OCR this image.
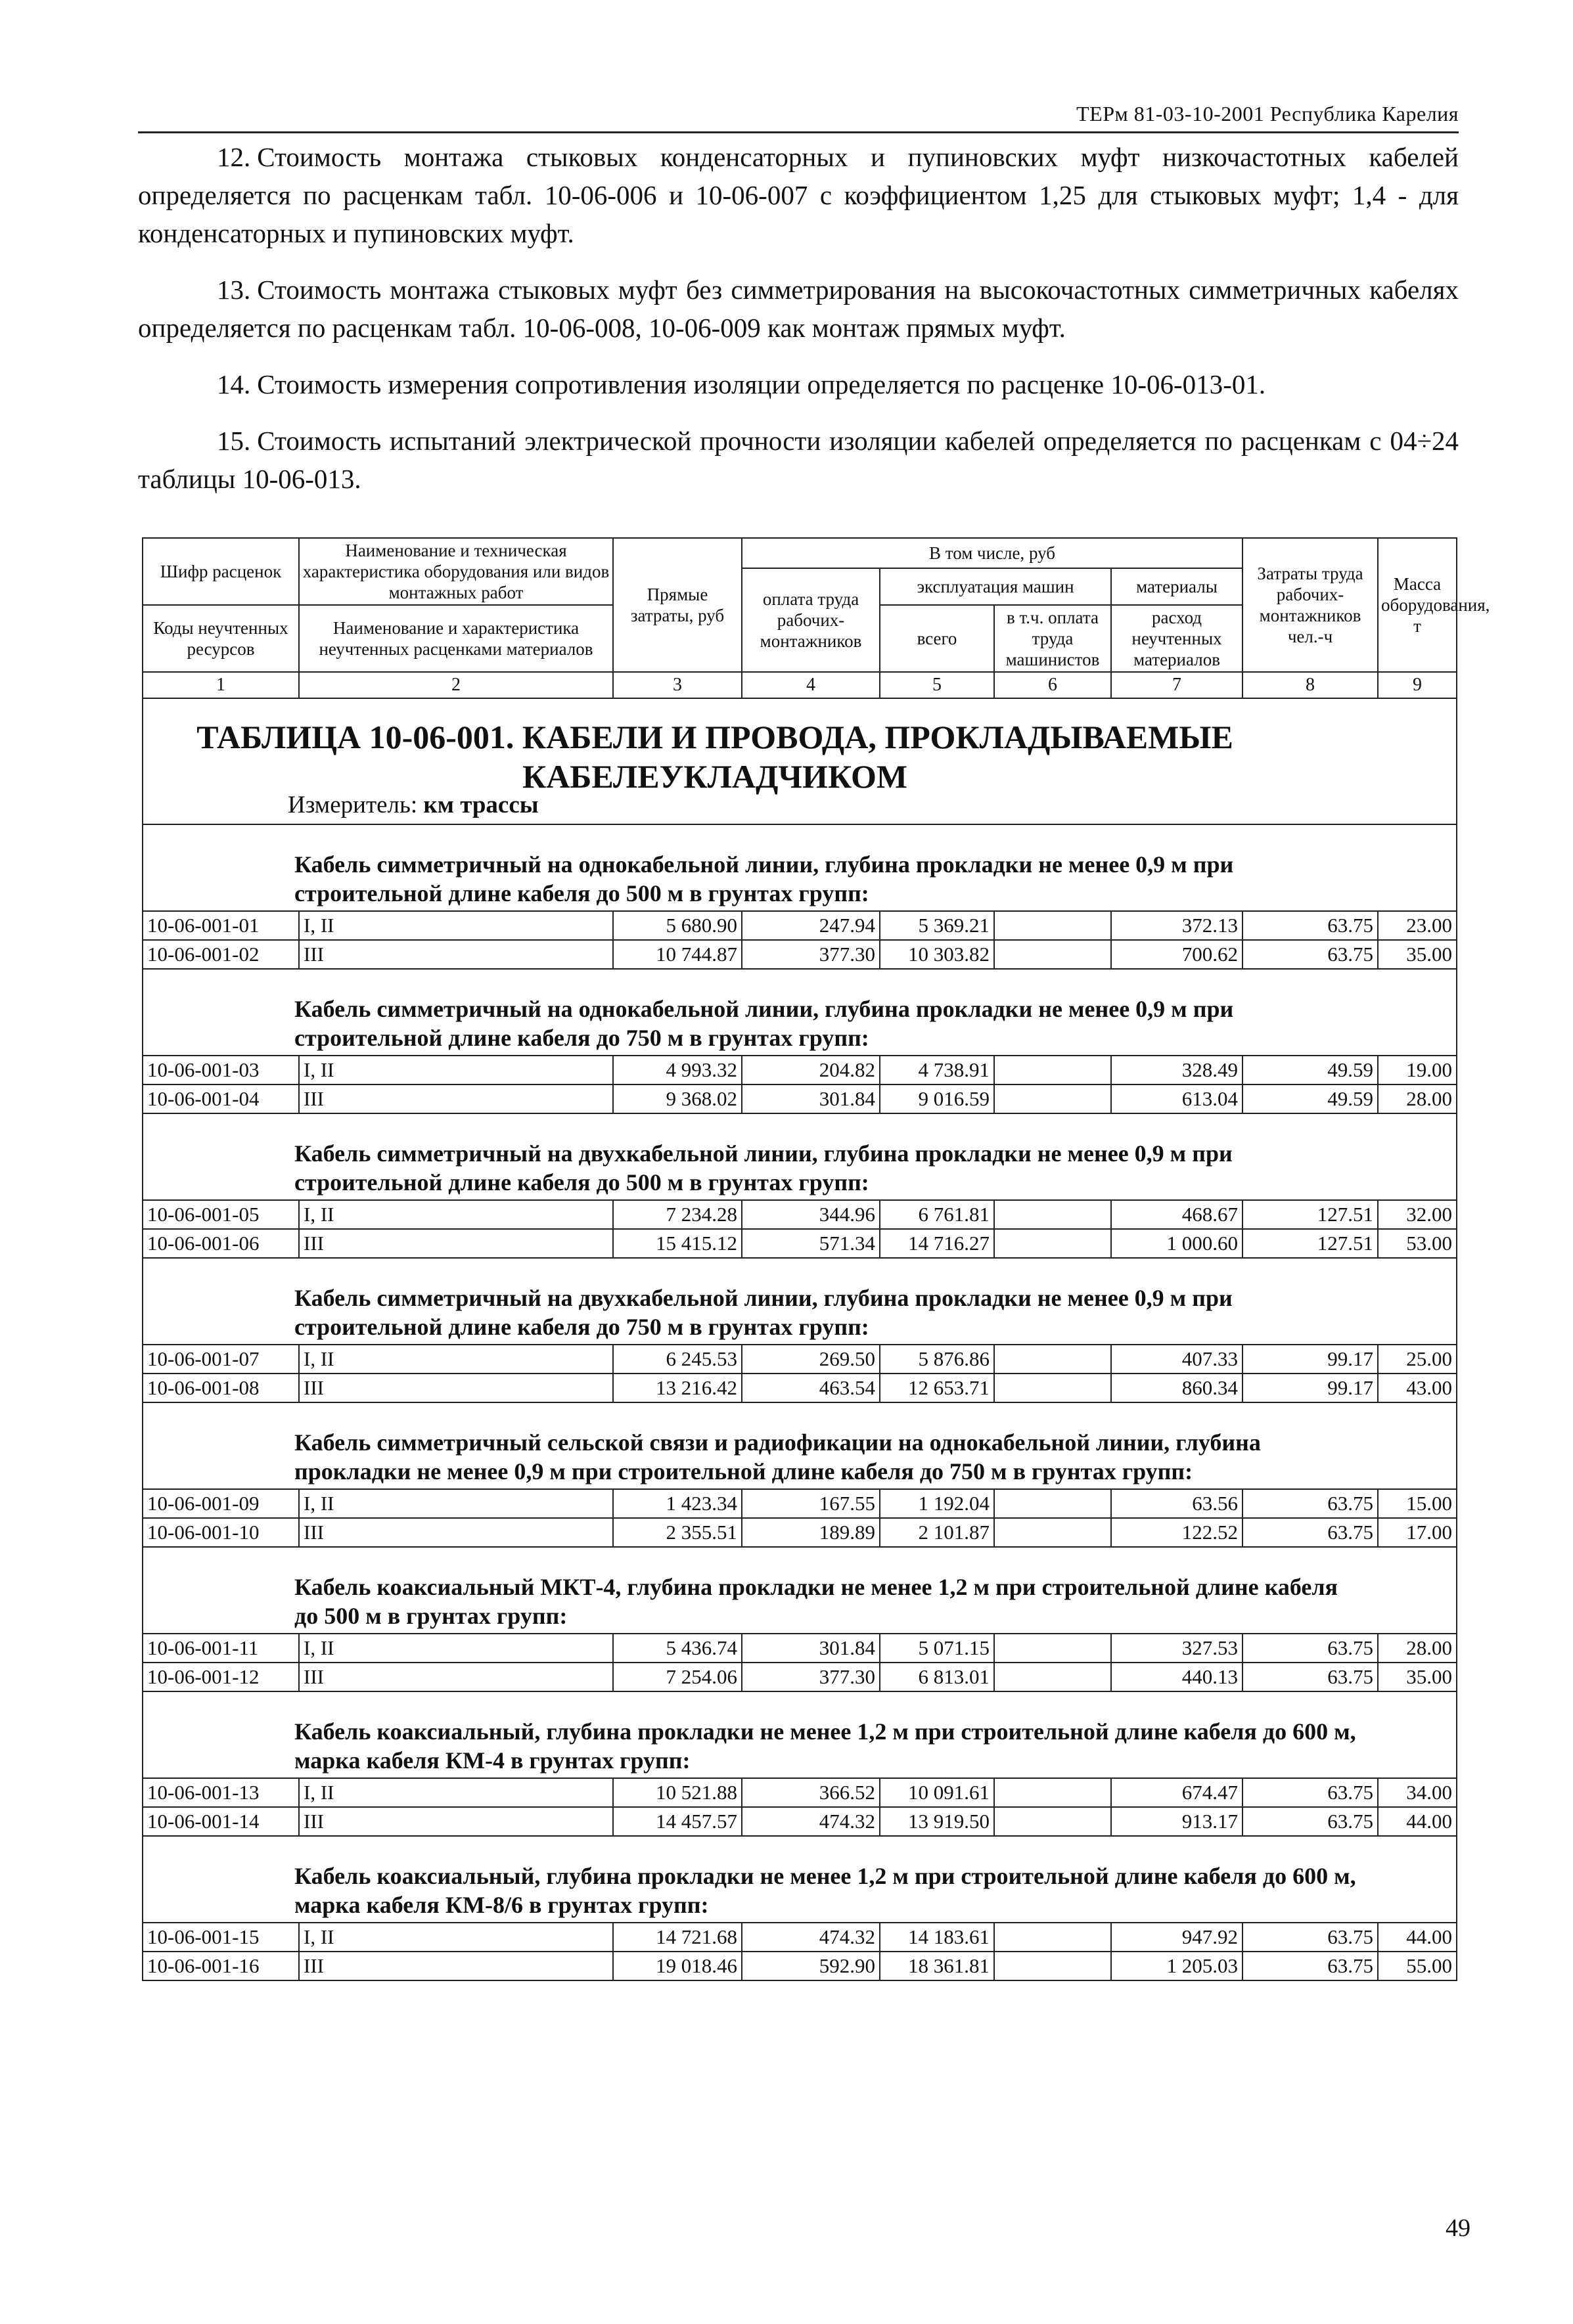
ТЕРм 81-03-10-2001 Республика Карелия

12. Стоимость монтажа стыковых конденсаторных и пупиновских муфт низкочастотных кабелей определяется по расценкам табл. 10-06-006 и 10-06-007 с коэффициентом 1,25 для стыковых муфт; 1,4 - для конденсаторных и пупиновских муфт.

13. Стоимость монтажа стыковых муфт без симметрирования на высокочастотных симметричных кабелях определяется по расценкам табл. 10-06-008, 10-06-009 как монтаж прямых муфт.

14. Стоимость измерения сопротивления изоляции определяется по расценке 10-06-013-01.

15. Стоимость испытаний электрической прочности изоляции кабелей определяется по расценкам с 04÷24 таблицы 10-06-013.

Шифр расценок	Наименование и техническая характеристика оборудования или видов монтажных работ	Прямые затраты, руб	В том числе, руб				Затраты труда рабочих-монтажников чел.-ч	Масса оборудования, т
			оплата труда рабочих-монтажников	эксплуатация машин		материалы		
Коды неучтенных ресурсов	Наименование и характеристика неучтенных расценками материалов			всего	в т.ч. оплата труда машинистов	расход неучтенных материалов		

1	2	3	4	5	6	7	8	9

ТАБЛИЦА 10-06-001. КАБЕЛИ И ПРОВОДА, ПРОКЛАДЫВАЕМЫЕ
КАБЕЛЕУКЛАДЧИКОМ
Измеритель: км трассы								

Кабель симметричный на однокабельной линии, глубина прокладки не менее 0,9 м при строительной длине кабеля до 500 м в грунтах групп:								

10-06-001-01	I, II	5 680.90	247.94	5 369.21		372.13	63.75	23.00
10-06-001-02	III	10 744.87	377.30	10 303.82		700.62	63.75	35.00

Кабель симметричный на однокабельной линии, глубина прокладки не менее 0,9 м при строительной длине кабеля до 750 м в грунтах групп:								

10-06-001-03	I, II	4 993.32	204.82	4 738.91		328.49	49.59	19.00
10-06-001-04	III	9 368.02	301.84	9 016.59		613.04	49.59	28.00

Кабель симметричный на двухкабельной линии, глубина прокладки не менее 0,9 м при строительной длине кабеля до 500 м в грунтах групп:								

10-06-001-05	I, II	7 234.28	344.96	6 761.81		468.67	127.51	32.00
10-06-001-06	III	15 415.12	571.34	14 716.27		1 000.60	127.51	53.00

Кабель симметричный на двухкабельной линии, глубина прокладки не менее 0,9 м при строительной длине кабеля до 750 м в грунтах групп:								

10-06-001-07	I, II	6 245.53	269.50	5 876.86		407.33	99.17	25.00
10-06-001-08	III	13 216.42	463.54	12 653.71		860.34	99.17	43.00

Кабель симметричный сельской связи и радиофикации на однокабельной линии, глубина прокладки не менее 0,9 м при строительной длине кабеля до 750 м в грунтах групп:								

10-06-001-09	I, II	1 423.34	167.55	1 192.04		63.56	63.75	15.00
10-06-001-10	III	2 355.51	189.89	2 101.87		122.52	63.75	17.00

Кабель коаксиальный МКТ-4, глубина прокладки не менее 1,2 м при строительной длине кабеля до 500 м в грунтах групп:								

10-06-001-11	I, II	5 436.74	301.84	5 071.15		327.53	63.75	28.00
10-06-001-12	III	7 254.06	377.30	6 813.01		440.13	63.75	35.00

Кабель коаксиальный, глубина прокладки не менее 1,2 м при строительной длине кабеля до 600 м, марка кабеля КМ-4 в грунтах групп:								

10-06-001-13	I, II	10 521.88	366.52	10 091.61		674.47	63.75	34.00
10-06-001-14	III	14 457.57	474.32	13 919.50		913.17	63.75	44.00

Кабель коаксиальный, глубина прокладки не менее 1,2 м при строительной длине кабеля до 600 м, марка кабеля КМ-8/6 в грунтах групп:								

10-06-001-15	I, II	14 721.68	474.32	14 183.61		947.92	63.75	44.00
10-06-001-16	III	19 018.46	592.90	18 361.81		1 205.03	63.75	55.00
49
